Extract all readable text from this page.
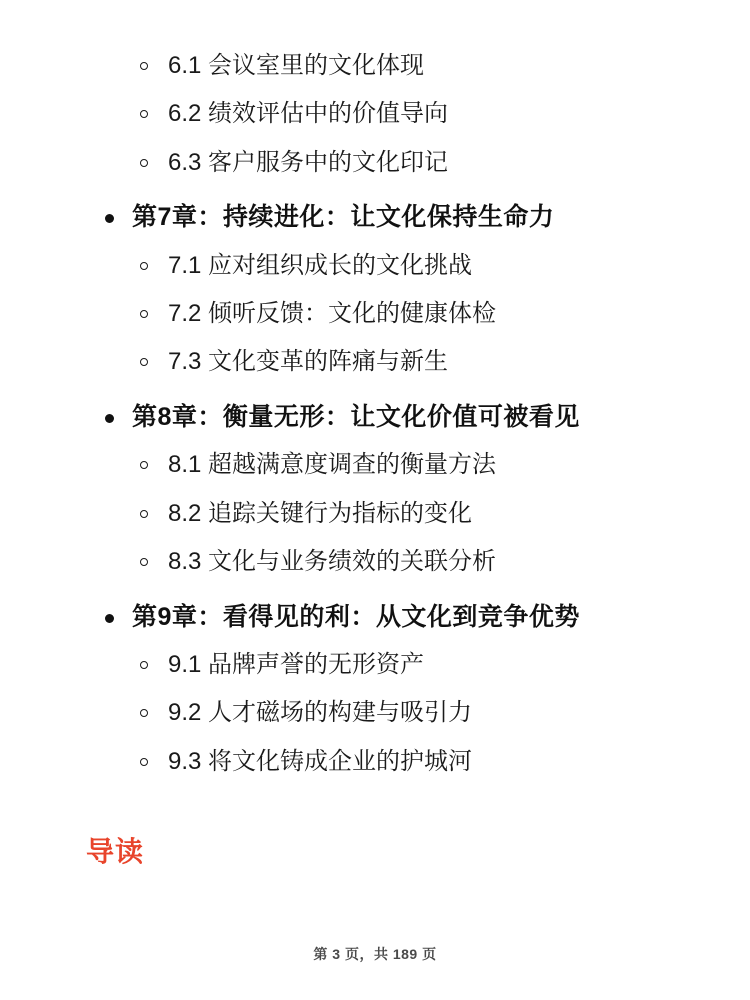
6.1 会议室里的文化体现
6.2 绩效评估中的价值导向
6.3 客户服务中的文化印记
第7章：持续进化：让文化保持生命力
7.1 应对组织成长的文化挑战
7.2 倾听反馈：文化的健康体检
7.3 文化变革的阵痛与新生
第8章：衡量无形：让文化价值可被看见
8.1 超越满意度调查的衡量方法
8.2 追踪关键行为指标的变化
8.3 文化与业务绩效的关联分析
第9章：看得见的利：从文化到竞争优势
9.1 品牌声誉的无形资产
9.2 人才磁场的构建与吸引力
9.3 将文化铸成企业的护城河
导读
第 3 页，共 189 页
